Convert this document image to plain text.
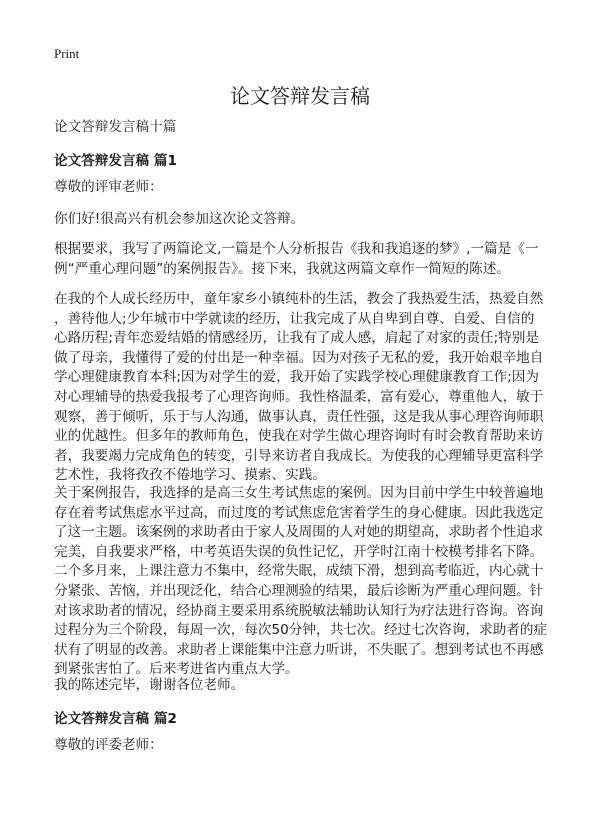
Print
论文答辩发言稿
论文答辩发言稿十篇
论文答辩发言稿 篇1
尊敬的评审老师：
你们好!很高兴有机会参加这次论文答辩。
根据要求，我写了两篇论文,一篇是个人分析报告《我和我追逐的梦》,一篇是《一
例“严重心理问题”的案例报告》。接下来，我就这两篇文章作一简短的陈述。
在我的个人成长经历中，童年家乡小镇纯朴的生活，教会了我热爱生活，热爱自然
，善待他人;少年城市中学就读的经历，让我完成了从自卑到自尊、自爱、自信的
心路历程;青年恋爱结婚的情感经历，让我有了成人感，肩起了对家的责任;特别是
做了母亲，我懂得了爱的付出是一种幸福。因为对孩子无私的爱，我开始艰辛地自
学心理健康教育本科;因为对学生的爱，我开始了实践学校心理健康教育工作;因为
对心理辅导的热爱我报考了心理咨询师。我性格温柔，富有爱心，尊重他人，敏于
观察，善于倾听，乐于与人沟通，做事认真，责任性强，这是我从事心理咨询师职
业的优越性。但多年的教师角色，使我在对学生做心理咨询时有时会教育帮助来访
者，我要竭力完成角色的转变，引导来访者自我成长。为使我的心理辅导更富科学
艺术性，我将孜孜不倦地学习、摸索、实践。
关于案例报告，我选择的是高三女生考试焦虑的案例。因为目前中学生中较普遍地
存在着考试焦虑水平过高，而过度的考试焦虑危害着学生的身心健康。因此我选定
了这一主题。该案例的求助者由于家人及周围的人对她的期望高，求助者个性追求
完美，自我要求严格，中考英语失误的负性记忆，开学时江南十校模考排名下降。
二个多月来，上课注意力不集中，经常失眠，成绩下滑，想到高考临近，内心就十
分紧张、苦恼，并出现泛化，结合心理测验的结果，最后诊断为严重心理问题。针
对该求助者的情况，经协商主要采用系统脱敏法辅助认知行为疗法进行咨询。咨询
过程分为三个阶段，每周一次，每次50分钟，共七次。经过七次咨询，求助者的症
状有了明显的改善。求助者上课能集中注意力听讲，不失眠了。想到考试也不再感
到紧张害怕了。后来考进省内重点大学。
我的陈述完毕，谢谢各位老师。
论文答辩发言稿 篇2
尊敬的评委老师：
